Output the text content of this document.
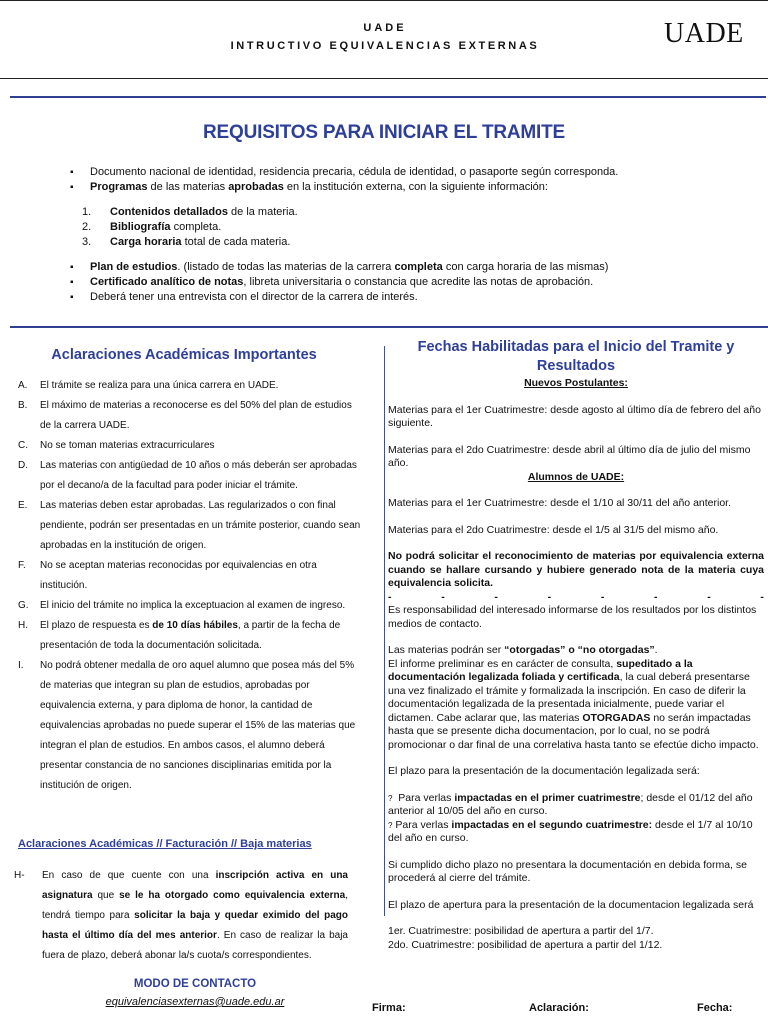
UADE
INTRUCTIVO EQUIVALENCIAS EXTERNAS	UADE
REQUISITOS PARA INICIAR EL TRAMITE
▪ Documento nacional de identidad, residencia precaria, cédula de identidad, o pasaporte según corresponda.
▪ Programas de las materias aprobadas en la institución externa, con la siguiente información:
1. Contenidos detallados de la materia.
2. Bibliografía completa.
3. Carga horaria total de cada materia.
▪ Plan de estudios. (listado de todas las materias de la carrera completa con carga horaria de las mismas)
▪ Certificado analítico de notas, libreta universitaria o constancia que acredite las notas de aprobación.
▪ Deberá tener una entrevista con el director de la carrera de interés.
Aclaraciones Académicas Importantes
A. El trámite se realiza para una única carrera en UADE.
B. El máximo de materias a reconocerse es del 50% del plan de estudios de la carrera UADE.
C. No se toman materias extracurriculares
D. Las materias con antigüedad de 10 años o más deberán ser aprobadas por el decano/a de la facultad para poder iniciar el trámite.
E. Las materias deben estar aprobadas. Las regularizados o con final pendiente, podrán ser presentadas en un trámite posterior, cuando sean aprobadas en la institución de origen.
F. No se aceptan materias reconocidas por equivalencias en otra institución.
G. El inicio del trámite no implica la exceptuacion al examen de ingreso.
H. El plazo de respuesta es de 10 días hábiles, a partir de la fecha de presentación de toda la documentación solicitada.
I. No podrá obtener medalla de oro aquel alumno que posea más del 5% de materias que integran su plan de estudios, aprobadas por equivalencia externa, y para diploma de honor, la cantidad de equivalencias aprobadas no puede superar el 15% de las materias que integran el plan de estudios. En ambos casos, el alumno deberá presentar constancia de no sanciones disciplinarias emitida por la institución de origen.
Aclaraciones Académicas // Facturación // Baja materias
H- En caso de que cuente con una inscripción activa en una asignatura que se le ha otorgado como equivalencia externa, tendrá tiempo para solicitar la baja y quedar eximido del pago hasta el último día del mes anterior. En caso de realizar la baja fuera de plazo, deberá abonar la/s cuota/s correspondientes.
MODO DE CONTACTO
equivalenciasexternas@uade.edu.ar
Fechas Habilitadas para el Inicio del Tramite y Resultados

Nuevos Postulantes:

Materias para el 1er Cuatrimestre: desde agosto al último día de febrero del año siguiente.

Materias para el 2do Cuatrimestre: desde abril al último día de julio del mismo año.

Alumnos de UADE:

Materias para el 1er Cuatrimestre: desde el 1/10 al 30/11 del año anterior.

Materias para el 2do Cuatrimestre: desde el 1/5 al 31/5 del mismo año.

No podrá solicitar el reconocimiento de materias por equivalencia externa cuando se hallare cursando y hubiere generado nota de la materia cuya equivalencia solicita.

-	-	-	-	-	-	-	-

Es responsabilidad del interesado informarse de los resultados por los distintos medios de contacto.

Las materias podrán ser “otorgadas” o “no otorgadas”.

El informe preliminar es en carácter de consulta, supeditado a la documentación legalizada foliada y certificada, la cual deberá presentarse una vez finalizado el trámite y formalizada la inscripción. En caso de diferir la documentación legalizada de la presentada inicialmente, puede variar el dictamen. Cabe aclarar que, las materias OTORGADAS no serán impactadas hasta que se presente dicha documentacion, por lo cual, no se podrá promocionar o dar final de una correlativa hasta tanto se efectúe dicho impacto.

El plazo para la presentación de la documentación legalizada será:

? Para verlas impactadas en el primer cuatrimestre; desde el 01/12 del año anterior al 10/05 del año en curso.

? Para verlas impactadas en el segundo cuatrimestre: desde el 1/7 al 10/10 del año en curso.

Si cumplido dicho plazo no presentara la documentación en debida forma, se procederá al cierre del trámite.

El plazo de apertura para la presentación de la documentacion legalizada será

1er. Cuatrimestre: posibilidad de apertura a partir del 1/7.

2do. Cuatrimestre: posibilidad de apertura a partir del 1/12.

Firma:	Aclaración:	Fecha:
